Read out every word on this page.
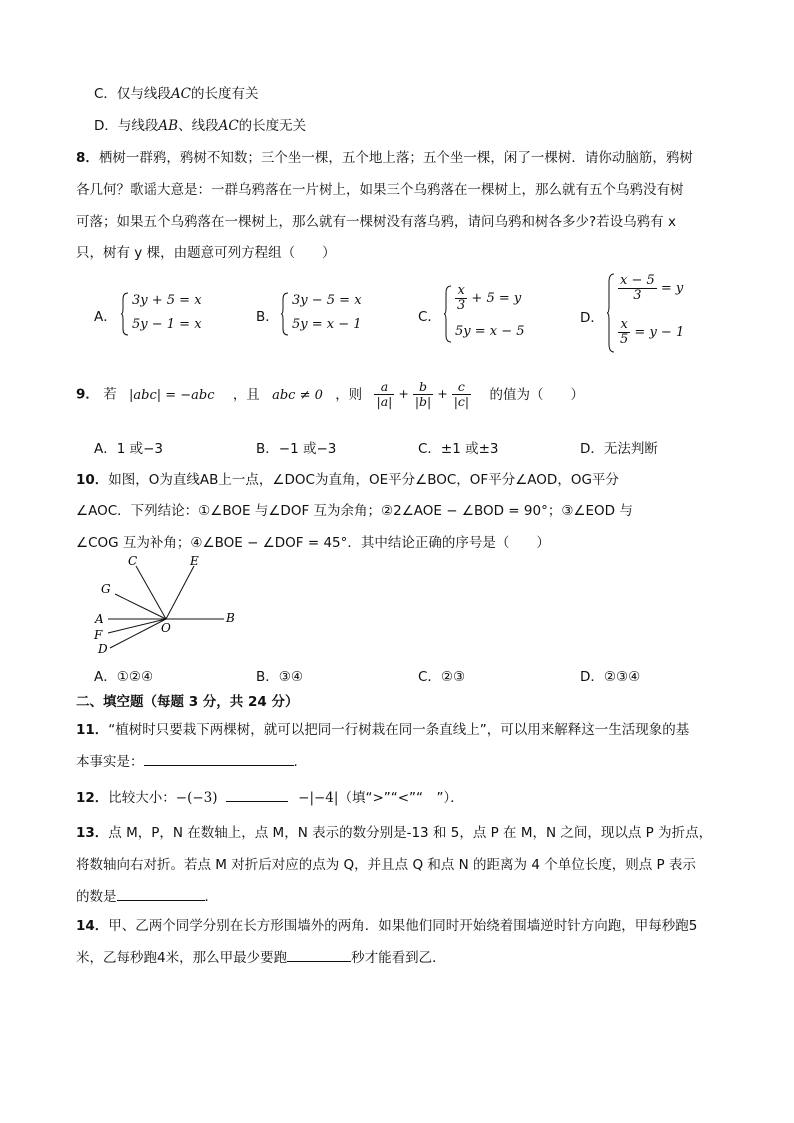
C．仅与线段AC的长度有关
D．与线段AB、线段AC的长度无关
8．栖树一群鸦，鸦树不知数；三个坐一棵，五个地上落；五个坐一棵，闲了一棵树．请你动脑筋，鸦树
各几何？歌谣大意是：一群乌鸦落在一片树上，如果三个乌鸦落在一棵树上，那么就有五个乌鸦没有树
可落；如果五个乌鸦落在一棵树上，那么就有一棵树没有落乌鸦，请问乌鸦和树各多少?若设乌鸦有 x
只，树有 y 棵，由题意可列方程组（　　）
A．
3y + 5 = x
5y − 1 = x	B．
3y − 5 = x
5y = x − 1	C．
$\frac{x}{3} + 5 = y$
5y = x − 5
D．
$\frac{x - 5}{3} = y$
$\frac{x}{5} = y - 1$
9． 若 |abc| = −abc ，且 abc ≠ 0 ，则 $\frac{a}{|a|} + \frac{b}{|b|} + \frac{c}{|c|}$ 的值为（　　）
A．1 或−3	B．−1 或−3	C．±1 或±3	D．无法判断
10．如图，O为直线AB上一点，∠DOC为直角，OE平分∠BOC，OF平分∠AOD，OG平分
∠AOC．下列结论：①∠BOE 与∠DOF 互为余角；②2∠AOE − ∠BOD = 90°；③∠EOD 与
∠COG 互为补角；④∠BOE − ∠DOF = 45°．其中结论正确的序号是（　　）
C	E
G
A
O
B
F
D
A．①②④	B．③④	C．②③	D．②③④
二、填空题（每题 3 分，共 24 分）
11．“植树时只要栽下两棵树，就可以把同一行树栽在同一条直线上”，可以用来解释这一生活现象的基
本事实是：	．
12．比较大小：−(−3)	−|−4|（填“>”“<”“　”）．
13．点 M，P，N 在数轴上，点 M，N 表示的数分别是-13 和 5，点 P 在 M，N 之间，现以点 P 为折点，
将数轴向右对折。若点 M 对折后对应的点为 Q，并且点 Q 和点 N 的距离为 4 个单位长度，则点 P 表示
的数是	．
14．甲、乙两个同学分别在长方形围墙外的两角．如果他们同时开始绕着围墙逆时针方向跑，甲每秒跑5
米，乙每秒跑4米，那么甲最少要跑	秒才能看到乙．
